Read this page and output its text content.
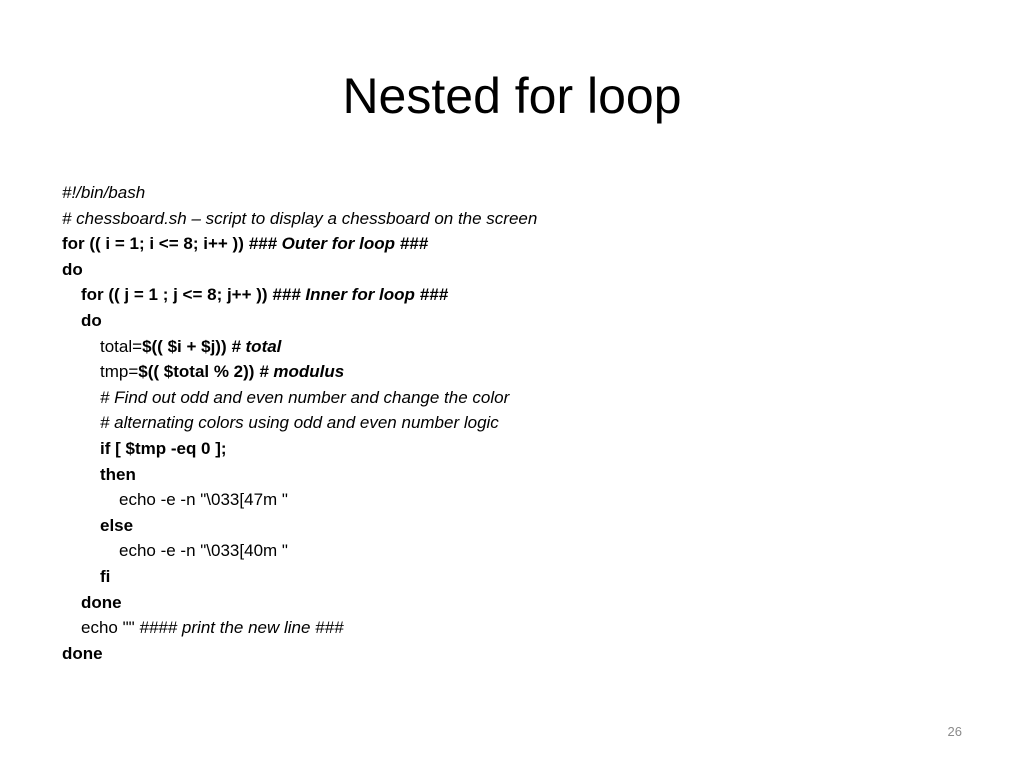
Nested for loop
#!/bin/bash
# chessboard.sh – script to display a chessboard on the screen
for (( i = 1; i <= 8; i++ )) ### Outer for loop ###
do
for (( j = 1 ; j <= 8; j++ )) ### Inner for loop ###
do
total=$(( $i + $j)) # total
tmp=$(( $total % 2)) # modulus
# Find out odd and even number and change the color
# alternating colors using odd and even number logic
if [ $tmp -eq 0 ];
then
echo -e -n "\033[47m "
else
echo -e -n "\033[40m "
fi
done
echo "" #### print the new line ###
done
26
